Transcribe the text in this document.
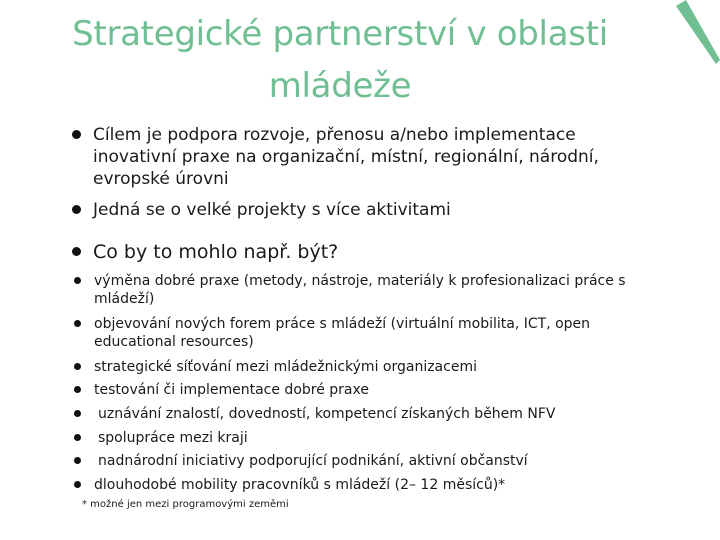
Strategické partnerství v oblasti
mládeže
Cílem je podpora rozvoje, přenosu a/nebo implementace
inovativní praxe na organizační, místní, regionální, národní,
evropské úrovni
Jedná se o velké projekty s více aktivitami
Co by to mohlo např. být?
výměna dobré praxe (metody, nástroje, materiály k profesionalizaci práce s
mládeží)
objevování nových forem práce s mládeží (virtuální mobilita, ICT, open
educational resources)
strategické síťování mezi mládežnickými organizacemi
testování či implementace dobré praxe
uznávání znalostí, dovedností, kompetencí získaných během NFV
spolupráce mezi kraji
nadnárodní iniciativy podporující podnikání, aktivní občanství
dlouhodobé mobility pracovníků s mládeží (2– 12 měsíců)*
* možné jen mezi programovými zeměmi
